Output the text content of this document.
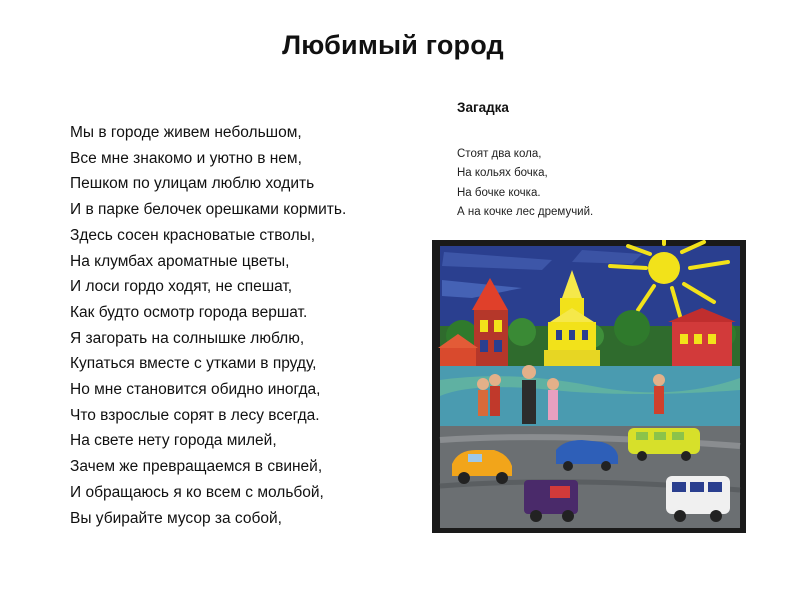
Любимый город
Мы в городе живем небольшом,
Все мне знакомо и уютно в нем,
Пешком по улицам люблю ходить
И в парке белочек орешками кормить.
Здесь сосен красноватые стволы,
На клумбах ароматные цветы,
И лоси гордо ходят, не спешат,
Как будто осмотр города вершат.
Я загорать на солнышке люблю,
Купаться вместе с утками в пруду,
Но мне становится обидно иногда,
Что взрослые сорят в лесу всегда.
На свете нету города милей,
Зачем же превращаемся в свиней,
И обращаюсь я ко всем с мольбой,
Вы убирайте мусор за собой,
Загадка
Стоят два кола,
На кольях бочка,
На бочке кочка.
А на кочке лес дремучий.
